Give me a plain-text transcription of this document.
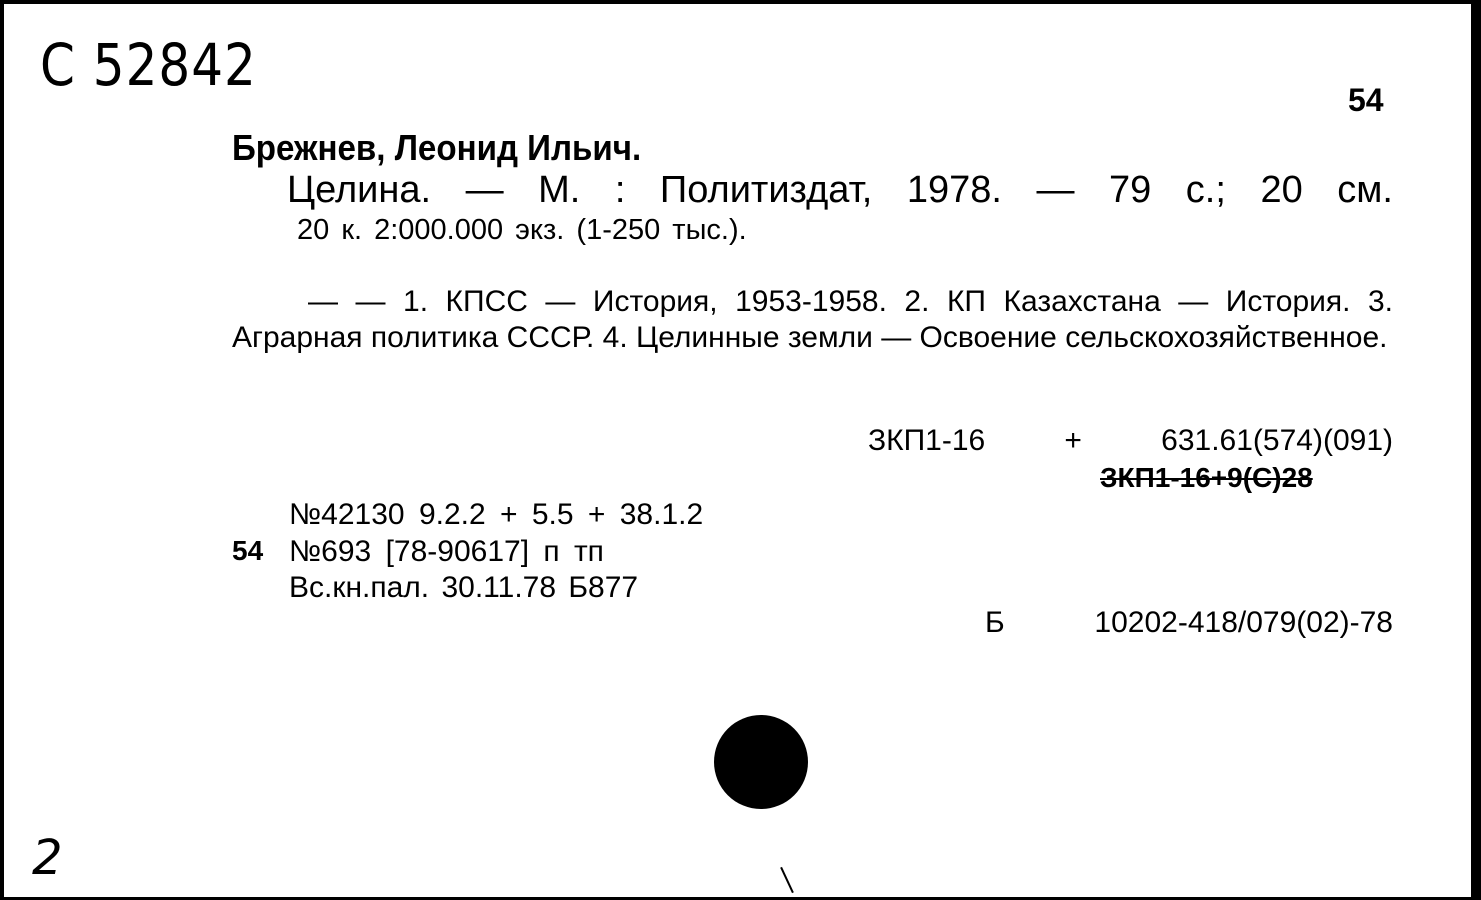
С 52842
54
Брежнев, Леонид Ильич.
Целина. — М. : Политиздат, 1978. — 79 с.; 20 см.
20 к. 2:000.000 экз. (1-250 тыс.).
— — 1. КПСС — История, 1953-1958. 2. КП Казахстана — История. 3. Аграрная политика СССР. 4. Целинные земли — Освоение сельскохозяйственное.
ЗКП1-16	+	631.61(574)(091)
ЗКП1-16+9(С)28
№42130 9.2.2 + 5.5 + 38.1.2
54 №693 [78-90617] п тп
Вс.кн.пал. 30.11.78 Б877
Б	10202-418/079(02)-78
2
